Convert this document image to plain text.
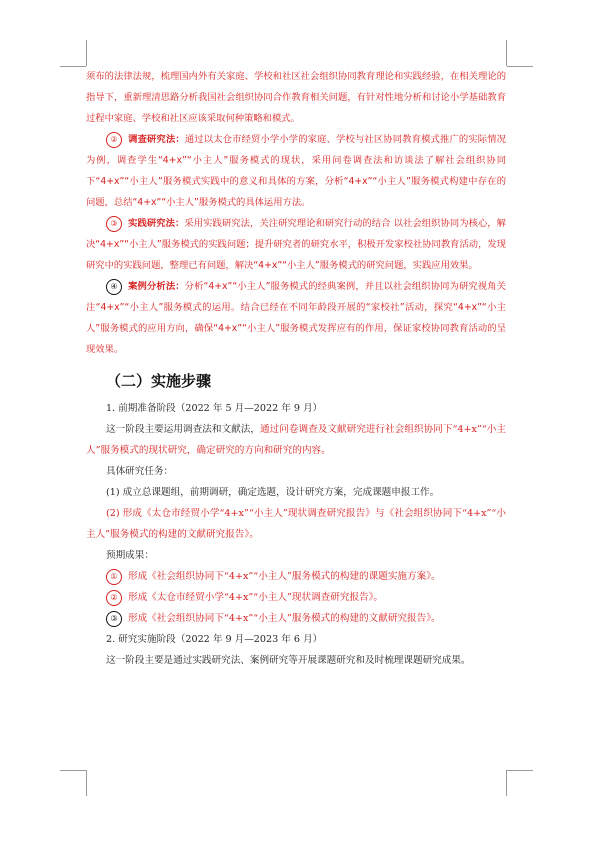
须布的法律法规，梳理国内外有关家庭、学校和社区社会组织协同教育理论和实践经验，在相关理论的指导下，重新理清思路分析我国社会组织协同合作教育相关问题，有针对性地分析和讨论小学基础教育过程中家庭、学校和社区应该采取何种策略和模式。

② 调查研究法：通过以太仓市经贸小学小学的家庭、学校与社区协同教育模式推广的实际情况为例，调查学生“4+x”“小主人”服务模式的现状，采用问卷调查法和访谈法了解社会组织协同下“4+x”“小主人”服务模式实践中的意义和具体的方案，分析“4+x”“小主人”服务模式构建中存在的问题，总结“4+x”“小主人”服务模式的具体运用方法。

③ 实践研究法：采用实践研究法，关注研究理论和研究行动的结合 以社会组织协同为核心，解决“4+x”“小主人”服务模式的实践问题；提升研究者的研究水平，积极开发家校社协同教育活动，发现研究中的实践问题，整理已有问题，解决“4+x”“小主人”服务模式的研究问题，实践应用效果。

④ 案例分析法：分析“4+x”“小主人”服务模式的经典案例，并且以社会组织协同为研究视角关注“4+x”“小主人”服务模式的运用。结合已经在不同年龄段开展的“家校社”活动，探究“4+x”“小主人”服务模式的应用方向，确保“4+x”“小主人”服务模式发挥应有的作用，保证家校协同教育活动的呈现效果。

（二）实施步骤

1. 前期准备阶段（2022 年 5 月—2022 年 9 月）

这一阶段主要运用调查法和文献法，通过问卷调查及文献研究进行社会组织协同下“4+x”“小主人”服务模式的现状研究，确定研究的方向和研究的内容。

具体研究任务：

(1) 成立总课题组，前期调研，确定选题，设计研究方案，完成课题申报工作。

(2) 形成《太仓市经贸小学“4+x”“小主人”现状调查研究报告》与《社会组织协同下“4+x”“小主人”服务模式的构建的文献研究报告》。

预期成果：

① 形成《社会组织协同下“4+x”“小主人”服务模式的构建的课题实施方案》。

② 形成《太仓市经贸小学“4+x”“小主人”现状调查研究报告》。

③ 形成《社会组织协同下“4+x”“小主人”服务模式的构建的文献研究报告》。

2. 研究实施阶段（2022 年 9 月—2023 年 6 月）

这一阶段主要是通过实践研究法、案例研究等开展课题研究和及时梳理课题研究成果。
